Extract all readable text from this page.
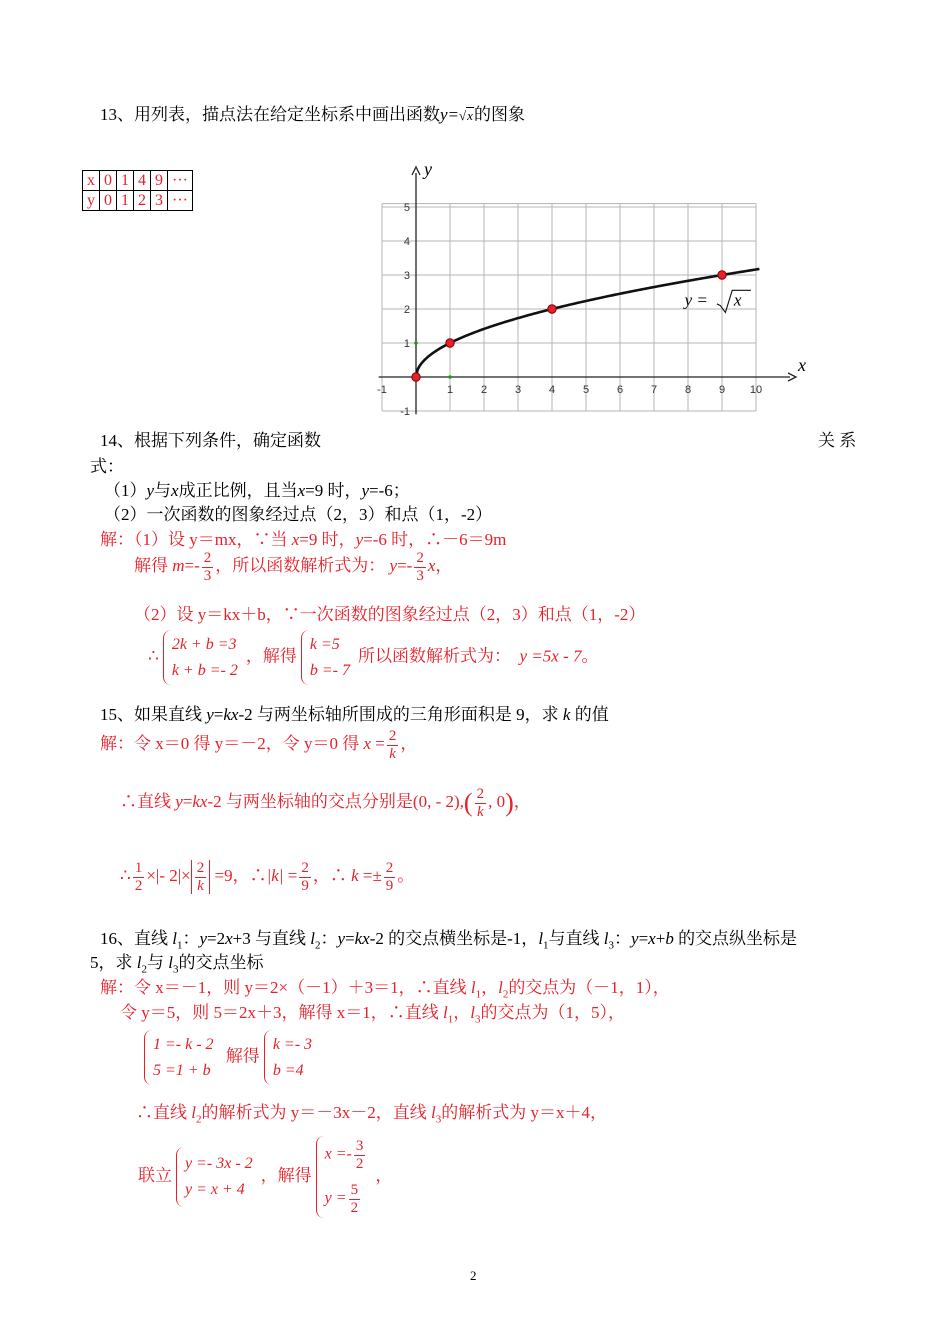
13、用列表，描点法在给定坐标系中画出函数y=√x的图象
x	0	1	4	9	···
y	0	1	2	3	···
x
y
-1	1	2	3	4	5	6	7	8	9 10
-1
1
2
3
4
5
y = x
14、根据下列条件，确定函数	关 系
式：
（1）y与x成正比例，且当x=9 时，y=-6；
（2）一次函数的图象经过点（2，3）和点（1，-2）
解：（1）设 y＝mx，∵当 x=9 时，y=-6 时，∴－6＝9m
解得 $m=- \frac{2}{3}$ ，所以函数解析式为： $y=- \frac{2}{3}$ x，
（2）设 y＝kx＋b，∵一次函数的图象经过点（2，3）和点（1，-2）
∴
2k + b =3
k + b =- 2
，解得
k =5
b =- 7
所以函数解析式为： y =5x - 7。
15、如果直线 y=kx-2 与两坐标轴所围成的三角形面积是 9，求 k 的值
解：令 x＝0 得 y＝－2，令 y＝0 得 $x = \frac{2}{k}$ ，
∴直线 y=kx-2 与两坐标轴的交点分别是(0, - $2),( \frac{2}{k}$ , 0)，
∴ $\frac{1}{2}$ ×|- $2|\times \frac{2}{k} =9$，∴|k| = $\frac{2}{9}$ ，∴ $k =\pm \frac{2}{9}$ 。
16、直线 $l_1$：y=2x+3 与直线 $l_2$：y=kx-2 的交点横坐标是-1，$l_1$与直线 $l_3$：y=x+b 的交点纵坐标是
5，求 $l_2$与 $l_3$的交点坐标
解：令 x＝－1，则 y＝2×（－1）＋3＝1，∴直线 $l_1$，$l_2$的交点为（－1，1），
令 y＝5，则 5＝2x＋3，解得 x＝1，∴直线 $l_1$，$l_3$的交点为（1，5），
1 =- k - 2
5 =1 + b
解得
k =- 3
b =4
∴直线 $l_2$的解析式为 y＝－3x－2，直线 $l_3$的解析式为 y＝x＋4，
联立
y =- 3x - 2
y = x + 4
，解得
$x =- \frac{3}{2}$
$y = \frac{5}{2}$
，
2
